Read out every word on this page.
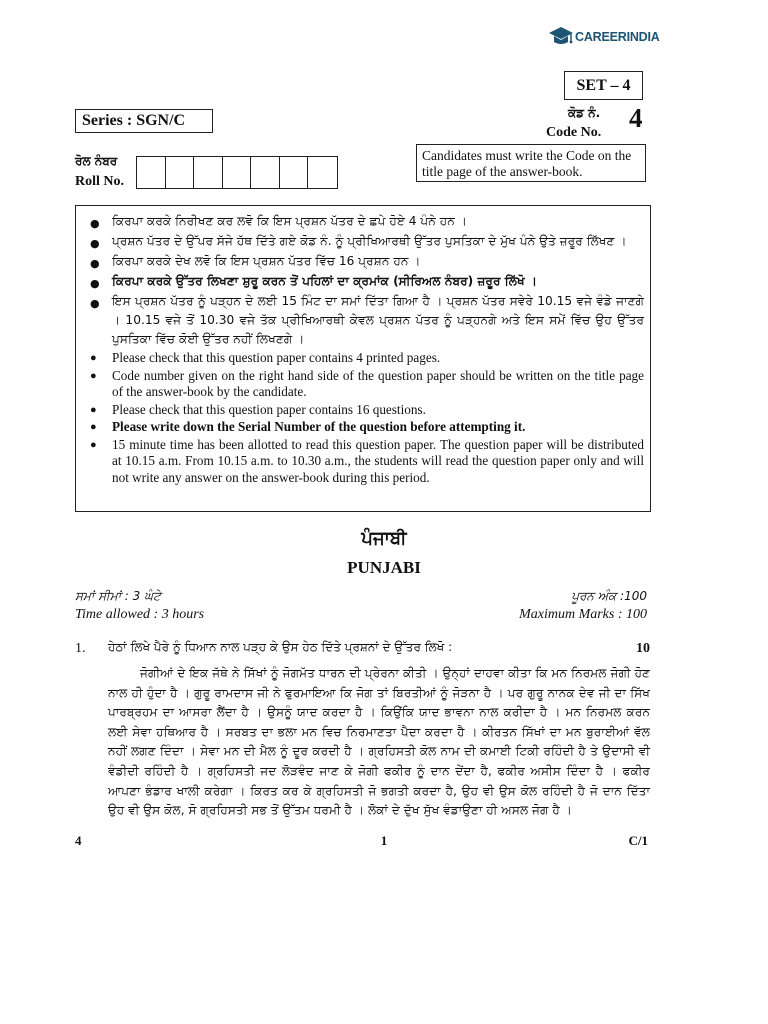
CAREERINDIA
SET – 4
Series : SGN/C	ਕੋਡ ਨੰ.
Code No. 4
ਰੋਲ ਨੰਬਰ
Roll No.
Candidates must write the Code on the title page of the answer-book.
● ਕਿਰਪਾ ਕਰਕੇ ਨਿਰੀਖਣ ਕਰ ਲਵੋ ਕਿ ਇਸ ਪ੍ਰਸ਼ਨ ਪੱਤਰ ਦੇ ਛਪੇ ਹੋਏ 4 ਪੰਨੇ ਹਨ ।
● ਪ੍ਰਸ਼ਨ ਪੱਤਰ ਦੇ ਉੱਪਰ ਸੱਜੇ ਹੱਥ ਦਿੱਤੇ ਗਏ ਕੋਡ ਨੰ. ਨੂੰ ਪ੍ਰੀਖਿਆਰਥੀ ਉੱਤਰ ਪੁਸਤਿਕਾ ਦੇ ਮੁੱਖ ਪੰਨੇ ਉਤੇ ਜ਼ਰੂਰ ਲਿੱਖਣ ।
● ਕਿਰਪਾ ਕਰਕੇ ਦੇਖ ਲਵੋ ਕਿ ਇਸ ਪ੍ਰਸ਼ਨ ਪੱਤਰ ਵਿੱਚ 16 ਪ੍ਰਸ਼ਨ ਹਨ ।
● ਕਿਰਪਾ ਕਰਕੇ ਉੱਤਰ ਲਿਖਣਾ ਸ਼ੁਰੂ ਕਰਨ ਤੋਂ ਪਹਿਲਾਂ ਦਾ ਕ੍ਰਮਾਂਕ (ਸੀਰਿਅਲ ਨੰਬਰ) ਜ਼ਰੂਰ ਲਿੱਖੋ ।
● ਇਸ ਪ੍ਰਸ਼ਨ ਪੱਤਰ ਨੂੰ ਪੜ੍ਹਨ ਦੇ ਲਈ 15 ਮਿੰਟ ਦਾ ਸਮਾਂ ਦਿੱਤਾ ਗਿਆ ਹੈ । ਪ੍ਰਸ਼ਨ ਪੱਤਰ ਸਵੇਰੇ 10.15 ਵਜੇ ਵੰਡੇ ਜਾਣਗੇ । 10.15 ਵਜੇ ਤੋਂ 10.30 ਵਜੇ ਤੱਕ ਪ੍ਰੀਖਿਆਰਥੀ ਕੇਵਲ ਪ੍ਰਸ਼ਨ ਪੱਤਰ ਨੂੰ ਪੜ੍ਹਨਗੇ ਅਤੇ ਇਸ ਸਮੇਂ ਵਿੱਚ ਉਹ ਉੱਤਰ ਪੁਸਤਿਕਾ ਵਿੱਚ ਕੋਈ ਉੱਤਰ ਨਹੀਂ ਲਿਖਣਗੇ ।
● Please check that this question paper contains 4 printed pages.
● Code number given on the right hand side of the question paper should be written on the title page of the answer-book by the candidate.
● Please check that this question paper contains 16 questions.
● Please write down the Serial Number of the question before attempting it.
● 15 minute time has been allotted to read this question paper. The question paper will be distributed at 10.15 a.m. From 10.15 a.m. to 10.30 a.m., the students will read the question paper only and will not write any answer on the answer-book during this period.
ਪੰਜਾਬੀ
PUNJABI
ਸਮਾਂ ਸੀਮਾਂ : 3 ਘੰਟੇ
Time allowed : 3 hours
ਪੂਰਨ ਅੰਕ :100
Maximum Marks : 100
1. ਹੇਠਾਂ ਲਿਖੇ ਪੈਰੇ ਨੂੰ ਧਿਆਨ ਨਾਲ ਪੜ੍ਹ ਕੇ ਉਸ ਹੇਠ ਦਿੱਤੇ ਪ੍ਰਸ਼ਨਾਂ ਦੇ ਉੱਤਰ ਲਿਖੋ :	10
ਜੋਗੀਆਂ ਦੇ ਇਕ ਜੱਥੇ ਨੇ ਸਿੱਖਾਂ ਨੂੰ ਜੋਗਮੱਤ ਧਾਰਨ ਦੀ ਪ੍ਰੇਰਨਾ ਕੀਤੀ । ਉਨ੍ਹਾਂ ਦਾਹਵਾ ਕੀਤਾ ਕਿ ਮਨ ਨਿਰਮਲ ਜੋਗੀ ਹੋਣ ਨਾਲ ਹੀ ਹੁੰਦਾ ਹੈ । ਗੁਰੂ ਰਾਮਦਾਸ ਜੀ ਨੇ ਫੁਰਮਾਇਆ ਕਿ ਜੋਗ ਤਾਂ ਬਿਰਤੀਆਂ ਨੂੰ ਜੋੜਨਾ ਹੈ । ਪਰ ਗੁਰੂ ਨਾਨਕ ਦੇਵ ਜੀ ਦਾ ਸਿੱਖ ਪਾਰਬ੍ਰਹਮ ਦਾ ਆਸਰਾ ਲੈਂਦਾ ਹੈ । ਉਸਨੂੰ ਯਾਦ ਕਰਦਾ ਹੈ । ਕਿਉਂਕਿ ਯਾਦ ਭਾਵਨਾ ਨਾਲ ਕਰੀਦਾ ਹੈ । ਮਨ ਨਿਰਮਲ ਕਰਨ ਲਈ ਸੇਵਾ ਹਥਿਆਰ ਹੈ । ਸਰਬਤ ਦਾ ਭਲਾ ਮਨ ਵਿਚ ਨਿਰਮਾਣਤਾ ਪੈਦਾ ਕਰਦਾ ਹੈ । ਕੀਰਤਨ ਸਿੱਖਾਂ ਦਾ ਮਨ ਬੁਰਾਈਆਂ ਵੱਲ ਨਹੀਂ ਲਗਣ ਦਿੰਦਾ । ਸੇਵਾ ਮਨ ਦੀ ਮੈਲ ਨੂੰ ਦੂਰ ਕਰਦੀ ਹੈ । ਗ੍ਰਹਿਸਤੀ ਕੋਲ ਨਾਮ ਦੀ ਕਮਾਈ ਟਿਕੀ ਰਹਿੰਦੀ ਹੈ ਤੇ ਉਦਾਸੀ ਵੀ ਵੰਡੀਦੀ ਰਹਿੰਦੀ ਹੈ । ਗ੍ਰਹਿਸਤੀ ਜਦ ਲੋੜਵੰਦ ਜਾਣ ਕੇ ਜੋਗੀ ਫਕੀਰ ਨੂੰ ਦਾਨ ਦੇਂਦਾ ਹੈ, ਫਕੀਰ ਅਸੀਸ ਦਿੰਦਾ ਹੈ । ਫਕੀਰ ਆਪਣਾ ਭੰਡਾਰ ਖਾਲੀ ਕਰੇਗਾ । ਕਿਰਤ ਕਰ ਕੇ ਗ੍ਰਹਿਸਤੀ ਜੋ ਭਗਤੀ ਕਰਦਾ ਹੈ, ਉਹ ਵੀ ਉਸ ਕੋਲ ਰਹਿੰਦੀ ਹੈ ਜੋ ਦਾਨ ਦਿੱਤਾ ਉਹ ਵੀ ਉਸ ਕੋਲ, ਸੋ ਗ੍ਰਹਿਸਤੀ ਸਭ ਤੋਂ ਉੱਤਮ ਧਰਮੀ ਹੈ । ਲੋਕਾਂ ਦੇ ਦੁੱਖ ਸੁੱਖ ਵੰਡਾਉਣਾ ਹੀ ਅਸਲ ਜੋਗ ਹੈ ।
4	1	C/1
